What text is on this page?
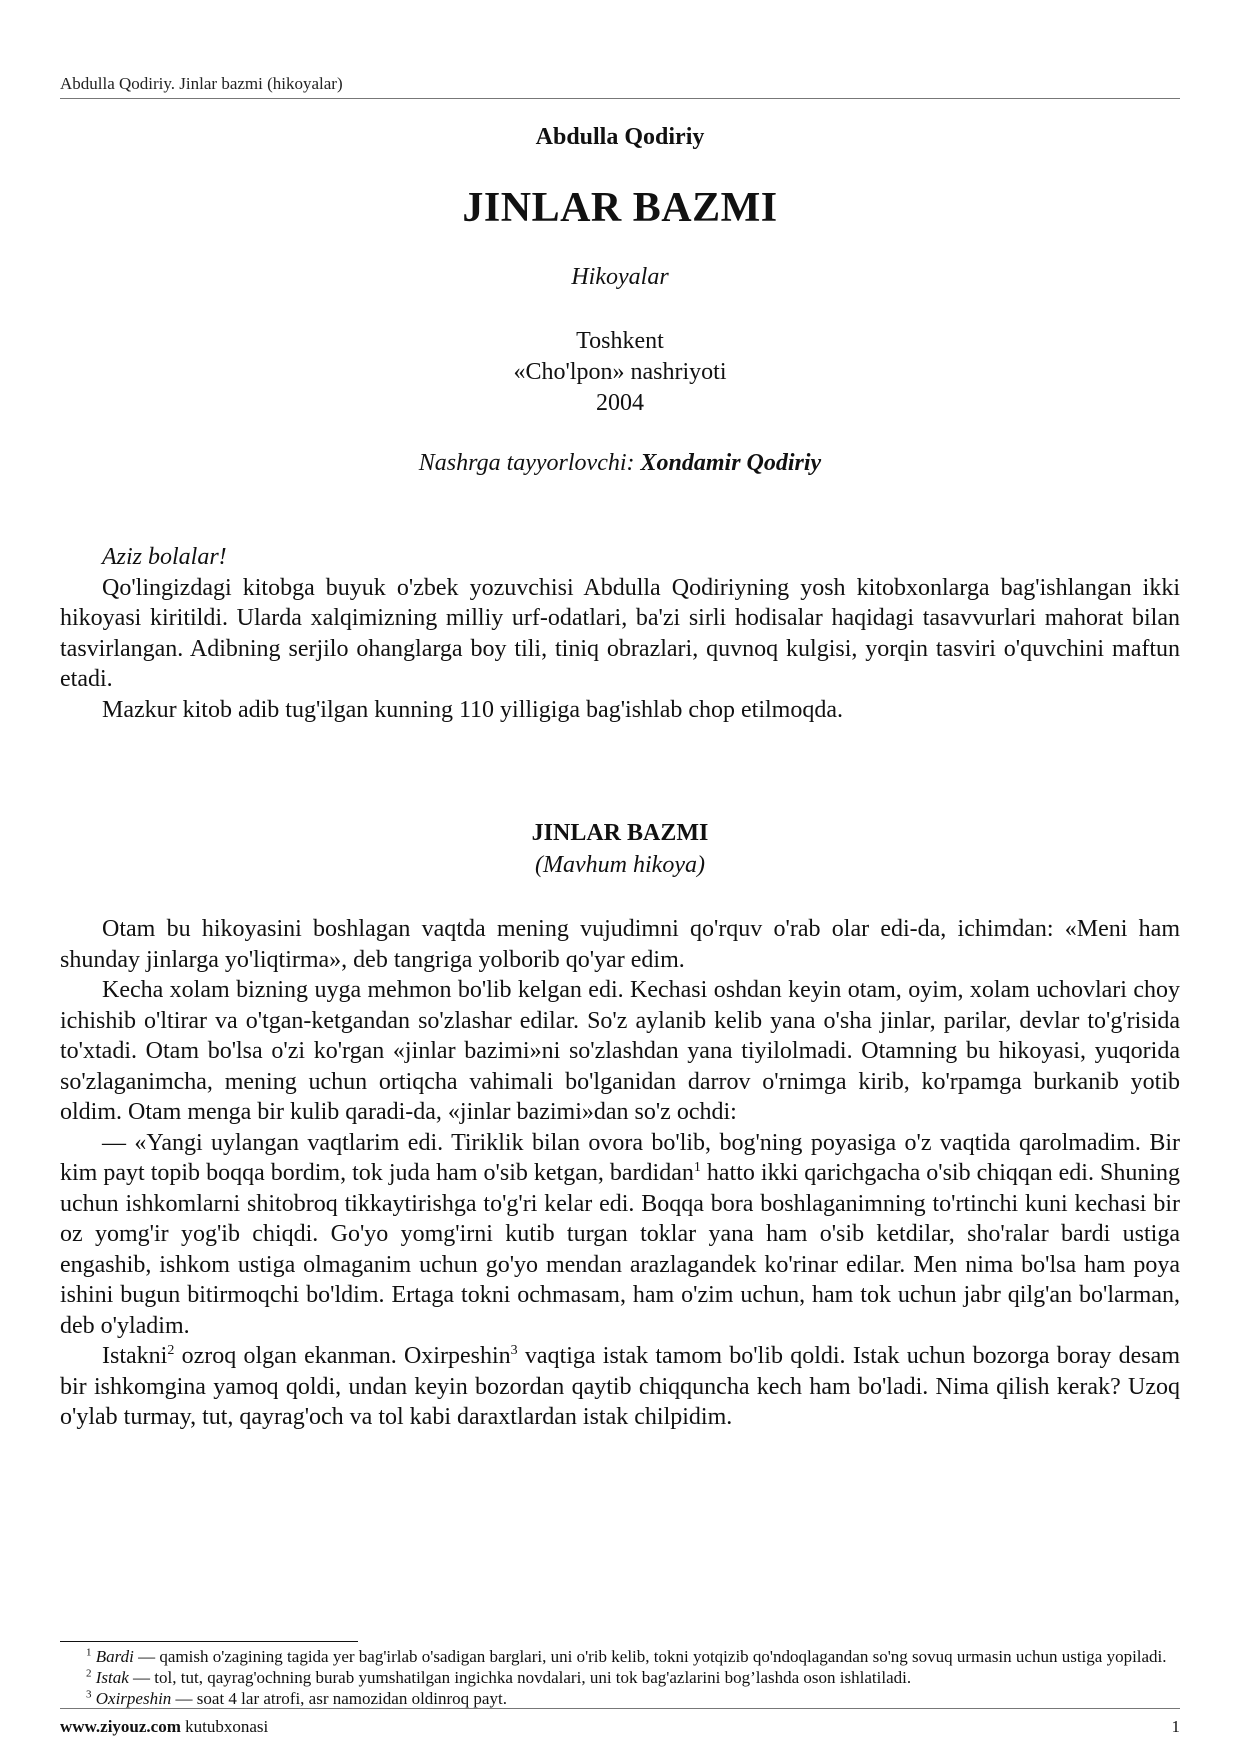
Abdulla Qodiriy. Jinlar bazmi (hikoyalar)
Abdulla Qodiriy
JINLAR BAZMI
Hikoyalar
Toshkent
«Cho'lpon» nashriyoti
2004
Nashrga tayyorlovchi: Xondamir Qodiriy

Aziz bolalar!

Qo'lingizdagi kitobga buyuk o'zbek yozuvchisi Abdulla Qodiriyning yosh kitobxonlarga bag'ishlangan ikki hikoyasi kiritildi. Ularda xalqimizning milliy urf-odatlari, ba'zi sirli hodisalar haqidagi tasavvurlari mahorat bilan tasvirlangan. Adibning serjilo ohanglarga boy tili, tiniq obrazlari, quvnoq kulgisi, yorqin tasviri o'quvchini maftun etadi.

Mazkur kitob adib tug'ilgan kunning 110 yilligiga bag'ishlab chop etilmoqda.

JINLAR BAZMI
(Mavhum hikoya)

Otam bu hikoyasini boshlagan vaqtda mening vujudimni qo'rquv o'rab olar edi-da, ichimdan: «Meni ham shunday jinlarga yo'liqtirma», deb tangriga yolborib qo'yar edim.

Kecha xolam bizning uyga mehmon bo'lib kelgan edi. Kechasi oshdan keyin otam, oyim, xolam uchovlari choy ichishib o'ltirar va o'tgan-ketgandan so'zlashar edilar. So'z aylanib kelib yana o'sha jinlar, parilar, devlar to'g'risida to'xtadi. Otam bo'lsa o'zi ko'rgan «jinlar bazimi»ni so'zlashdan yana tiyilolmadi. Otamning bu hikoyasi, yuqorida so'zlaganimcha, mening uchun ortiqcha vahimali bo'lganidan darrov o'rnimga kirib, ko'rpamga burkanib yotib oldim. Otam menga bir kulib qaradi-da, «jinlar bazimi»dan so'z ochdi:

— «Yangi uylangan vaqtlarim edi. Tiriklik bilan ovora bo'lib, bog'ning poyasiga o'z vaqtida qarolmadim. Bir kim payt topib boqqa bordim, tok juda ham o'sib ketgan, bardidan$^1$ hatto ikki qarichgacha o'sib chiqqan edi. Shuning uchun ishkomlarni shitobroq tikkaytirishga to'g'ri kelar edi. Boqqa bora boshlaganimning to'rtinchi kuni kechasi bir oz yomg'ir yog'ib chiqdi. Go'yo yomg'irni kutib turgan toklar yana ham o'sib ketdilar, sho'ralar bardi ustiga engashib, ishkom ustiga olmaganim uchun go'yo mendan arazlagandek ko'rinar edilar. Men nima bo'lsa ham poya ishini bugun bitirmoqchi bo'ldim. Ertaga tokni ochmasam, ham o'zim uchun, ham tok uchun jabr qilg'an bo'larman, deb o'yladim.

Istakni$^2$ ozroq olgan ekanman. Oxirpeshin$^3$ vaqtiga istak tamom bo'lib qoldi. Istak uchun bozorga boray desam bir ishkomgina yamoq qoldi, undan keyin bozordan qaytib chiqquncha kech ham bo'ladi. Nima qilish kerak? Uzoq o'ylab turmay, tut, qayrag'och va tol kabi daraxtlardan istak chilpidim.

$^1$ Bardi — qamish o'zagining tagida yer bag'irlab o'sadigan barglari, uni o'rib kelib, tokni yotqizib qo'ndoqlagandan so'ng sovuq urmasin uchun ustiga yopiladi.

$^2$ Istak — tol, tut, qayrag'ochning burab yumshatilgan ingichka novdalari, uni tok bag'azlarini bog’lashda oson ishlatiladi.

$^3$ Oxirpeshin — soat 4 lar atrofi, asr namozidan oldinroq payt.

www.ziyouz.com kutubxonasi	1
